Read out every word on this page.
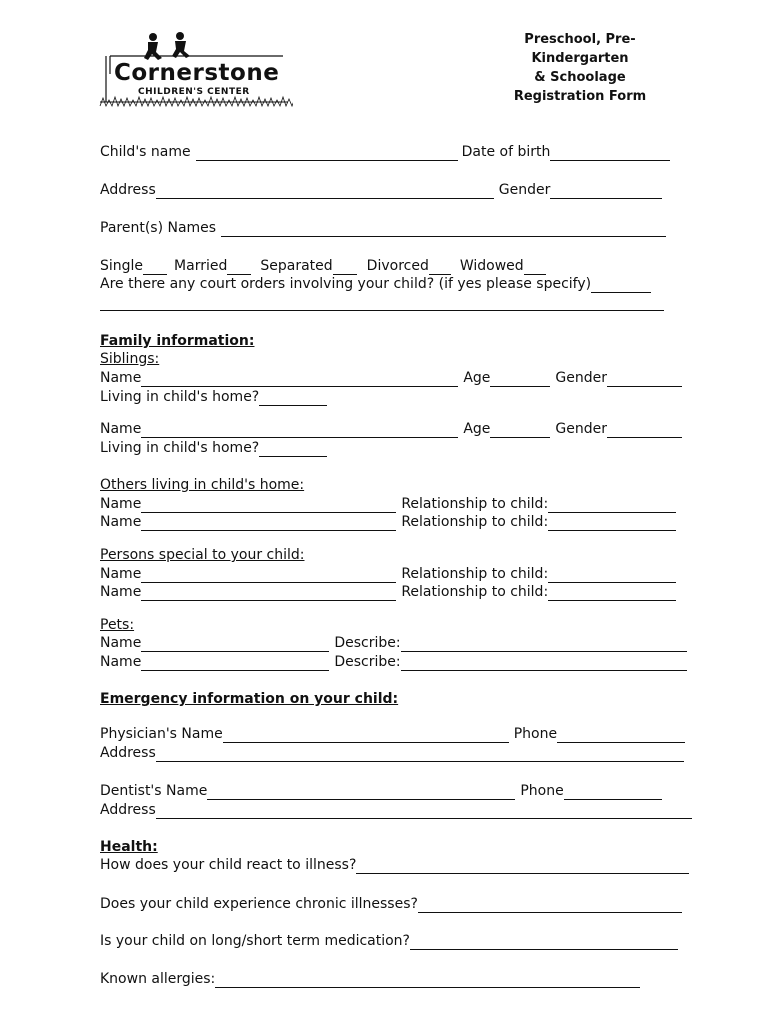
Cornerstone
CHILDREN'S CENTER
Preschool, Pre-Kindergarten
& Schoolage
Registration Form
Child's name	Date of birth
Address	Gender
Parent(s) Names
Single Married Separated Divorced Widowed
Are there any court orders involving your child? (if yes please specify)
Family information:
Siblings:
Name	Age	Gender
Living in child's home?
Name	Age	Gender
Living in child's home?
Others living in child's home:
Name	Relationship to child:
Name	Relationship to child:
Persons special to your child:
Name	Relationship to child:
Name	Relationship to child:
Pets:
Name	Describe:
Name	Describe:
Emergency information on your child:
Physician's Name	Phone
Address
Dentist's Name	Phone
Address
Health:
How does your child react to illness?
Does your child experience chronic illnesses?
Is your child on long/short term medication?
Known allergies:
